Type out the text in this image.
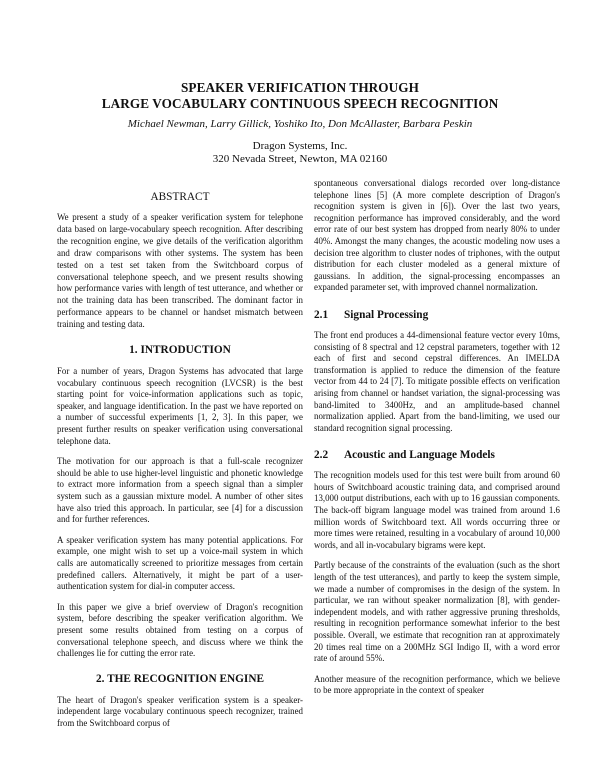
SPEAKER VERIFICATION THROUGH
LARGE VOCABULARY CONTINUOUS SPEECH RECOGNITION
Michael Newman, Larry Gillick, Yoshiko Ito, Don McAllaster, Barbara Peskin
Dragon Systems, Inc.
320 Nevada Street, Newton, MA 02160
ABSTRACT

We present a study of a speaker verification system for telephone data based on large-vocabulary speech recognition. After describing the recognition engine, we give details of the verification algorithm and draw comparisons with other systems. The system has been tested on a test set taken from the Switchboard corpus of conversational telephone speech, and we present results showing how performance varies with length of test utterance, and whether or not the training data has been transcribed. The dominant factor in performance appears to be channel or handset mismatch between training and testing data.

1. INTRODUCTION

For a number of years, Dragon Systems has advocated that large vocabulary continuous speech recognition (LVCSR) is the best starting point for voice-information applications such as topic, speaker, and language identification. In the past we have reported on a number of successful experiments [1, 2, 3]. In this paper, we present further results on speaker verification using conversational telephone data.

The motivation for our approach is that a full-scale recognizer should be able to use higher-level linguistic and phonetic knowledge to extract more information from a speech signal than a simpler system such as a gaussian mixture model. A number of other sites have also tried this approach. In particular, see [4] for a discussion and for further references.

A speaker verification system has many potential applications. For example, one might wish to set up a voice-mail system in which calls are automatically screened to prioritize messages from certain predefined callers. Alternatively, it might be part of a user-authentication system for dial-in computer access.

In this paper we give a brief overview of Dragon's recognition system, before describing the speaker verification algorithm. We present some results obtained from testing on a corpus of conversational telephone speech, and discuss where we think the challenges lie for cutting the error rate.

2. THE RECOGNITION ENGINE

The heart of Dragon's speaker verification system is a speaker-independent large vocabulary continuous speech recognizer, trained from the Switchboard corpus of

spontaneous conversational dialogs recorded over long-distance telephone lines [5] (A more complete description of Dragon's recognition system is given in [6]). Over the last two years, recognition performance has improved considerably, and the word error rate of our best system has dropped from nearly 80% to under 40%. Amongst the many changes, the acoustic modeling now uses a decision tree algorithm to cluster nodes of triphones, with the output distribution for each cluster modeled as a general mixture of gaussians. In addition, the signal-processing encompasses an expanded parameter set, with improved channel normalization.

2.1	Signal Processing

The front end produces a 44-dimensional feature vector every 10ms, consisting of 8 spectral and 12 cepstral parameters, together with 12 each of first and second cepstral differences. An IMELDA transformation is applied to reduce the dimension of the feature vector from 44 to 24 [7]. To mitigate possible effects on verification arising from channel or handset variation, the signal-processing was band-limited to 3400Hz, and an amplitude-based channel normalization applied. Apart from the band-limiting, we used our standard recognition signal processing.

2.2	Acoustic and Language Models

The recognition models used for this test were built from around 60 hours of Switchboard acoustic training data, and comprised around 13,000 output distributions, each with up to 16 gaussian components. The back-off bigram language model was trained from around 1.6 million words of Switchboard text. All words occurring three or more times were retained, resulting in a vocabulary of around 10,000 words, and all in-vocabulary bigrams were kept.

Partly because of the constraints of the evaluation (such as the short length of the test utterances), and partly to keep the system simple, we made a number of compromises in the design of the system. In particular, we ran without speaker normalization [8], with gender-independent models, and with rather aggressive pruning thresholds, resulting in recognition performance somewhat inferior to the best possible. Overall, we estimate that recognition ran at approximately 20 times real time on a 200MHz SGI Indigo II, with a word error rate of around 55%.

Another measure of the recognition performance, which we believe to be more appropriate in the context of speaker
